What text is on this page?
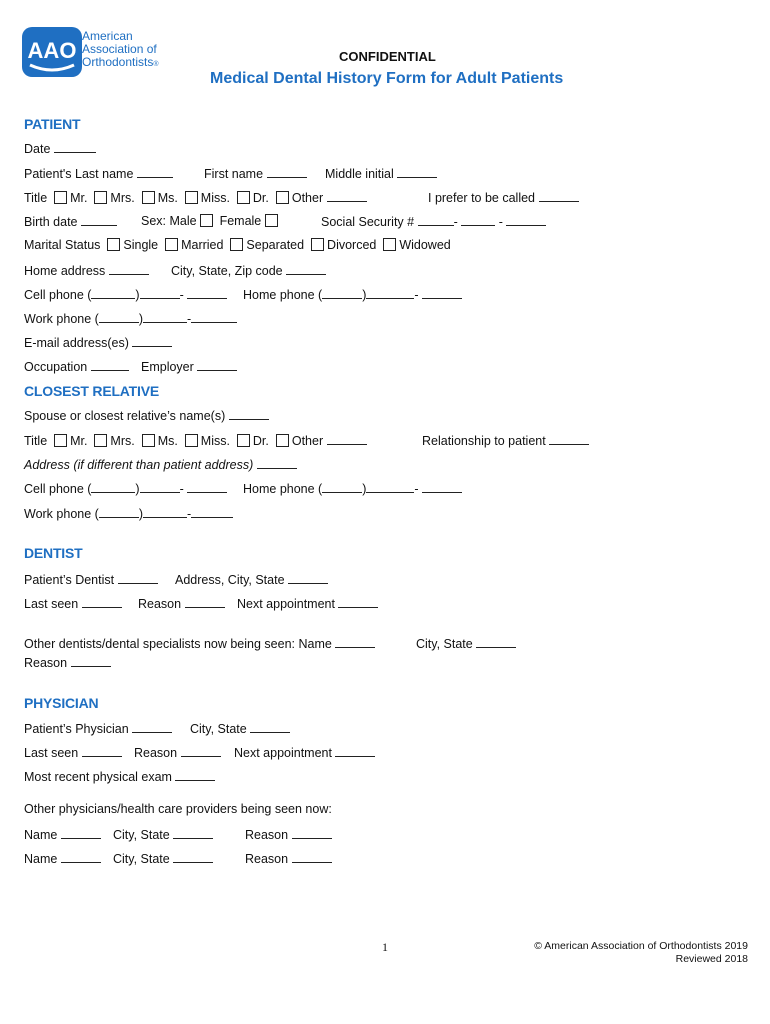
AAO
American
Association of
Orthodontists®
CONFIDENTIAL
Medical Dental History Form for Adult Patients
PATIENT
Date
Patient's Last name	First name	Middle initial
Title Mr. Mrs. Ms. Miss. Dr. Other	I prefer to be called
Birth date	Sex: Male Female	Social Security #	-	-
Marital Status Single Married Separated Divorced Widowed
Home address	City, State, Zip code
Cell phone (	)	-	Home phone (	)	-
Work phone (	)	-
E-mail address(es)
Occupation	Employer
CLOSEST RELATIVE
Spouse or closest relative’s name(s)
Title Mr. Mrs. Ms. Miss. Dr. Other	Relationship to patient
Address (if different than patient address)
Cell phone (	)	-	Home phone (	)	-
Work phone (	)	-
DENTIST
Patient’s Dentist	Address, City, State
Last seen	Reason	Next appointment
Other dentists/dental specialists now being seen: Name	City, State
Reason
PHYSICIAN
Patient’s Physician	City, State
Last seen	Reason	Next appointment
Most recent physical exam
Other physicians/health care providers being seen now:
Name	City, State	Reason
Name	City, State	Reason
1	© American Association of Orthodontists 2019
Reviewed 2018
